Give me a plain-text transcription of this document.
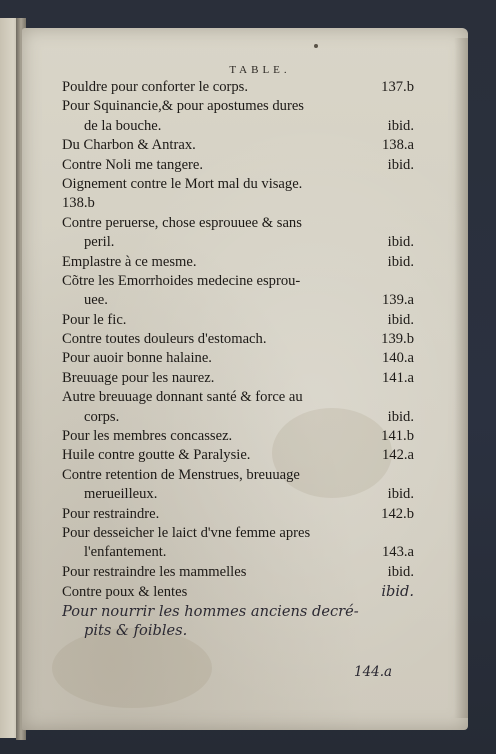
TABLE.
Pouldre pour conforter le corps.	137.b
Pour Squinancie,& pour apostumes dures
de la bouche.	ibid.
Du Charbon & Antrax.	138.a
Contre Noli me tangere.	ibid.
Oignement contre le Mort mal du visage.
138.b
Contre peruerse, chose esprouuee & sans
peril.	ibid.
Emplastre à ce mesme.	ibid.
Cõtre les Emorrhoides medecine esprou-
uee.	139.a
Pour le fic.	ibid.
Contre toutes douleurs d'estomach.	139.b
Pour auoir bonne halaine.	140.a
Breuuage pour les naurez.	141.a
Autre breuuage donnant santé & force au
corps.	ibid.
Pour les membres concassez.	141.b
Huile contre goutte & Paralysie.	142.a
Contre retention de Menstrues, breuuage
merueilleux.	ibid.
Pour restraindre.	142.b
Pour desseicher le laict d'vne femme apres
l'enfantement.	143.a
Pour restraindre les mammelles	ibid.
Contre poux & lentes	ibid.
Pour nourrir les hommes anciens decré-
pits & foibles.
144.a
